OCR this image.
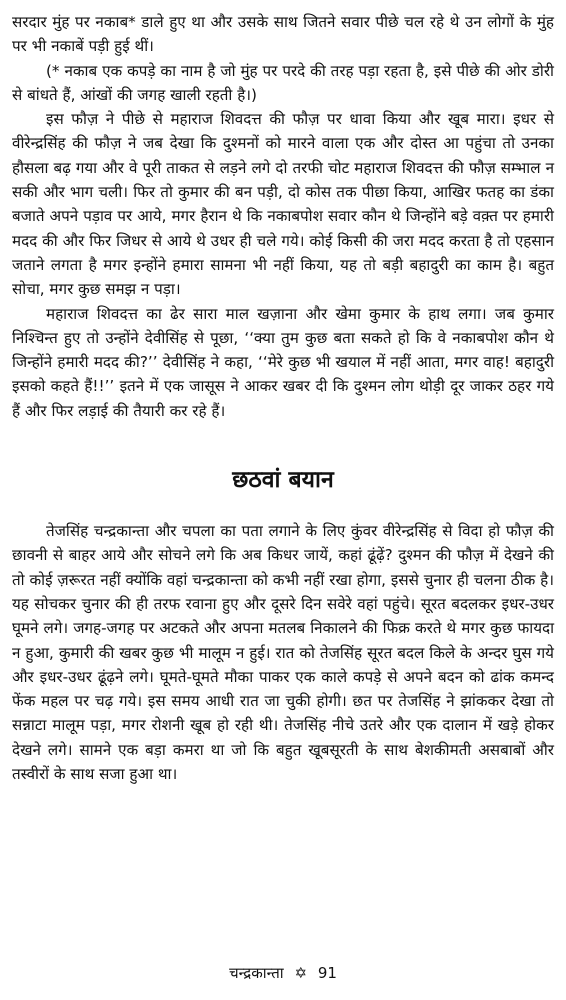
सरदार मुंह पर नकाब* डाले हुए था और उसके साथ जितने सवार पीछे चल रहे थे उन लोगों के मुंह पर भी नकाबें पड़ी हुई थीं।

(* नकाब एक कपड़े का नाम है जो मुंह पर परदे की तरह पड़ा रहता है, इसे पीछे की ओर डोरी से बांधते हैं, आंखों की जगह खाली रहती है।)

इस फौज़ ने पीछे से महाराज शिवदत्त की फौज़ पर धावा किया और खूब मारा। इधर से वीरेन्द्रसिंह की फौज़ ने जब देखा कि दुश्मनों को मारने वाला एक और दोस्त आ पहुंचा तो उनका हौसला बढ़ गया और वे पूरी ताकत से लड़ने लगे दो तरफी चोट महाराज शिवदत्त की फौज़ सम्भाल न सकी और भाग चली। फिर तो कुमार की बन पड़ी, दो कोस तक पीछा किया, आखिर फतह का डंका बजाते अपने पड़ाव पर आये, मगर हैरान थे कि नकाबपोश सवार कौन थे जिन्होंने बड़े वक़्त पर हमारी मदद की और फिर जिधर से आये थे उधर ही चले गये। कोई किसी की जरा मदद करता है तो एहसान जताने लगता है मगर इन्होंने हमारा सामना भी नहीं किया, यह तो बड़ी बहादुरी का काम है। बहुत सोचा, मगर कुछ समझ न पड़ा।

महाराज शिवदत्त का ढेर सारा माल खज़ाना और खेमा कुमार के हाथ लगा। जब कुमार निश्चिन्त हुए तो उन्होंने देवीसिंह से पूछा, ‘‘क्या तुम कुछ बता सकते हो कि वे नकाबपोश कौन थे जिन्होंने हमारी मदद की?’’ देवीसिंह ने कहा, ‘‘मेरे कुछ भी खयाल में नहीं आता, मगर वाह! बहादुरी इसको कहते हैं!!’’ इतने में एक जासूस ने आकर खबर दी कि दुश्मन लोग थोड़ी दूर जाकर ठहर गये हैं और फिर लड़ाई की तैयारी कर रहे हैं।

छठवां बयान

तेजसिंह चन्द्रकान्ता और चपला का पता लगाने के लिए कुंवर वीरेन्द्रसिंह से विदा हो फौज़ की छावनी से बाहर आये और सोचने लगे कि अब किधर जायें, कहां ढूंढ़ें? दुश्मन की फौज़ में देखने की तो कोई ज़रूरत नहीं क्योंकि वहां चन्द्रकान्ता को कभी नहीं रखा होगा, इससे चुनार ही चलना ठीक है। यह सोचकर चुनार की ही तरफ रवाना हुए और दूसरे दिन सवेरे वहां पहुंचे। सूरत बदलकर इधर-उधर घूमने लगे। जगह-जगह पर अटकते और अपना मतलब निकालने की फिक्र करते थे मगर कुछ फायदा न हुआ, कुमारी की खबर कुछ भी मालूम न हुई। रात को तेजसिंह सूरत बदल किले के अन्दर घुस गये और इधर-उधर ढूंढ़ने लगे। घूमते-घूमते मौका पाकर एक काले कपड़े से अपने बदन को ढांक कमन्द फेंक महल पर चढ़ गये। इस समय आधी रात जा चुकी होगी। छत पर तेजसिंह ने झांककर देखा तो सन्नाटा मालूम पड़ा, मगर रोशनी खूब हो रही थी। तेजसिंह नीचे उतरे और एक दालान में खड़े होकर देखने लगे। सामने एक बड़ा कमरा था जो कि बहुत खूबसूरती के साथ बेशकीमती असबाबों और तस्वीरों के साथ सजा हुआ था।

चन्द्रकान्ता ✡ 91
